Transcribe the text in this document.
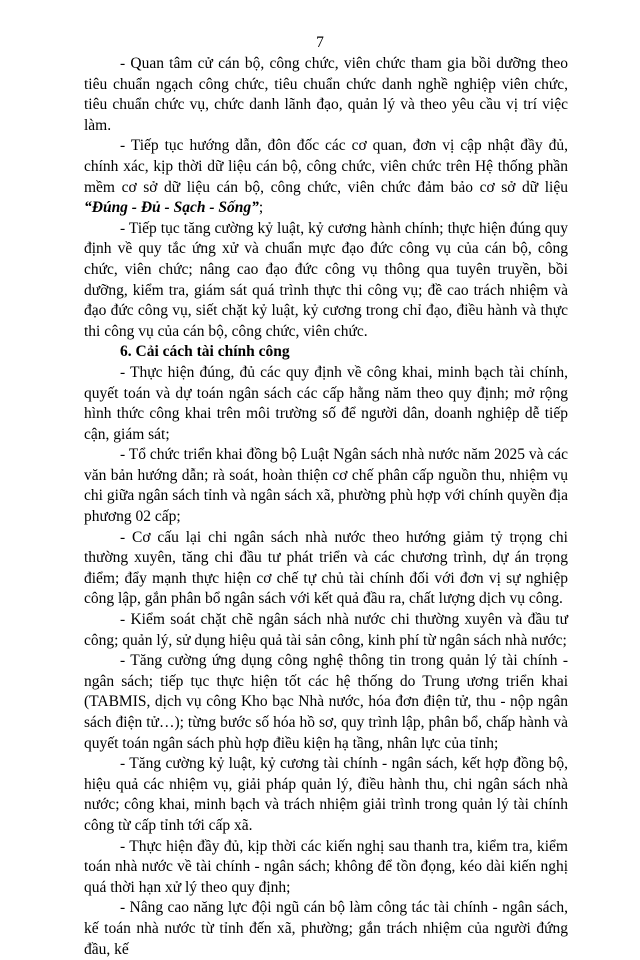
7

- Quan tâm cử cán bộ, công chức, viên chức tham gia bồi dưỡng theo tiêu chuẩn ngạch công chức, tiêu chuẩn chức danh nghề nghiệp viên chức, tiêu chuẩn chức vụ, chức danh lãnh đạo, quản lý và theo yêu cầu vị trí việc làm.

- Tiếp tục hướng dẫn, đôn đốc các cơ quan, đơn vị cập nhật đầy đủ, chính xác, kịp thời dữ liệu cán bộ, công chức, viên chức trên Hệ thống phần mềm cơ sở dữ liệu cán bộ, công chức, viên chức đảm bảo cơ sở dữ liệu “Đúng - Đủ - Sạch - Sống”;

- Tiếp tục tăng cường kỷ luật, kỷ cương hành chính; thực hiện đúng quy định về quy tắc ứng xử và chuẩn mực đạo đức công vụ của cán bộ, công chức, viên chức; nâng cao đạo đức công vụ thông qua tuyên truyền, bồi dưỡng, kiểm tra, giám sát quá trình thực thi công vụ; đề cao trách nhiệm và đạo đức công vụ, siết chặt kỷ luật, kỷ cương trong chỉ đạo, điều hành và thực thi công vụ của cán bộ, công chức, viên chức.

6. Cải cách tài chính công

- Thực hiện đúng, đủ các quy định về công khai, minh bạch tài chính, quyết toán và dự toán ngân sách các cấp hằng năm theo quy định; mở rộng hình thức công khai trên môi trường số để người dân, doanh nghiệp dễ tiếp cận, giám sát;

- Tổ chức triển khai đồng bộ Luật Ngân sách nhà nước năm 2025 và các văn bản hướng dẫn; rà soát, hoàn thiện cơ chế phân cấp nguồn thu, nhiệm vụ chi giữa ngân sách tỉnh và ngân sách xã, phường phù hợp với chính quyền địa phương 02 cấp;

- Cơ cấu lại chi ngân sách nhà nước theo hướng giảm tỷ trọng chi thường xuyên, tăng chi đầu tư phát triển và các chương trình, dự án trọng điểm; đẩy mạnh thực hiện cơ chế tự chủ tài chính đối với đơn vị sự nghiệp công lập, gắn phân bổ ngân sách với kết quả đầu ra, chất lượng dịch vụ công.

- Kiểm soát chặt chẽ ngân sách nhà nước chi thường xuyên và đầu tư công; quản lý, sử dụng hiệu quả tài sản công, kinh phí từ ngân sách nhà nước;

- Tăng cường ứng dụng công nghệ thông tin trong quản lý tài chính - ngân sách; tiếp tục thực hiện tốt các hệ thống do Trung ương triển khai (TABMIS, dịch vụ công Kho bạc Nhà nước, hóa đơn điện tử, thu - nộp ngân sách điện tử…); từng bước số hóa hồ sơ, quy trình lập, phân bổ, chấp hành và quyết toán ngân sách phù hợp điều kiện hạ tầng, nhân lực của tỉnh;

- Tăng cường kỷ luật, kỷ cương tài chính - ngân sách, kết hợp đồng bộ, hiệu quả các nhiệm vụ, giải pháp quản lý, điều hành thu, chi ngân sách nhà nước; công khai, minh bạch và trách nhiệm giải trình trong quản lý tài chính công từ cấp tỉnh tới cấp xã.

- Thực hiện đầy đủ, kịp thời các kiến nghị sau thanh tra, kiểm tra, kiểm toán nhà nước về tài chính - ngân sách; không để tồn đọng, kéo dài kiến nghị quá thời hạn xử lý theo quy định;

- Nâng cao năng lực đội ngũ cán bộ làm công tác tài chính - ngân sách, kế toán nhà nước từ tỉnh đến xã, phường; gắn trách nhiệm của người đứng đầu, kế
